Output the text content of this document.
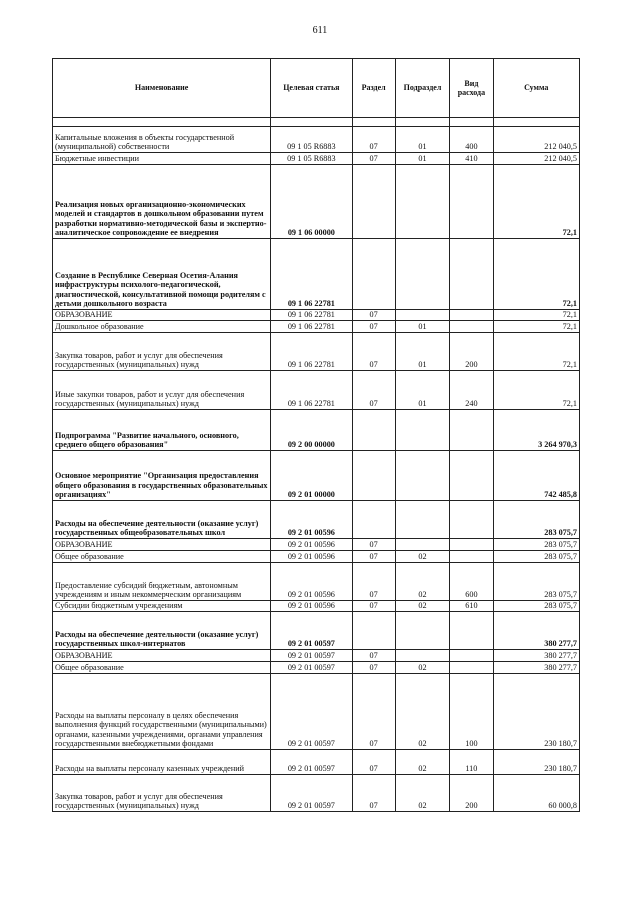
611
Наименование	Целевая статья	Раздел	Подраздел	Вид расхода	Сумма

Капитальные вложения в объекты государственной (муниципальной) собственности	09 1 05 R6883	07	01	400	212 040,5
Бюджетные инвестиции	09 1 05 R6883	07	01	410	212 040,5
Реализация новых организационно-экономических моделей и стандартов в дошкольном образовании путем разработки нормативно-методической базы и экспертно-аналитическое сопровождение ее внедрения	09 1 06 00000				72,1
Создание в Республике Северная Осетия-Алания инфраструктуры психолого-педагогической, диагностической, консультативной помощи родителям с детьми дошкольного возраста	09 1 06 22781				72,1
ОБРАЗОВАНИЕ	09 1 06 22781	07			72,1
Дошкольное образование	09 1 06 22781	07	01		72,1
Закупка товаров, работ и услуг для обеспечения государственных (муниципальных) нужд	09 1 06 22781	07	01	200	72,1
Иные закупки товаров, работ и услуг для обеспечения государственных (муниципальных) нужд	09 1 06 22781	07	01	240	72,1
Подпрограмма "Развитие начального, основного, среднего общего образования"	09 2 00 00000				3 264 970,3
Основное мероприятие "Организация предоставления общего образования в государственных образовательных организациях"	09 2 01 00000				742 485,8
Расходы на обеспечение деятельности (оказание услуг) государственных общеобразовательных школ	09 2 01 00596				283 075,7
ОБРАЗОВАНИЕ	09 2 01 00596	07			283 075,7
Общее образование	09 2 01 00596	07	02		283 075,7
Предоставление субсидий бюджетным, автономным учреждениям и иным некоммерческим организациям	09 2 01 00596	07	02	600	283 075,7
Субсидии бюджетным учреждениям	09 2 01 00596	07	02	610	283 075,7
Расходы на обеспечение деятельности (оказание услуг) государственных школ-интернатов	09 2 01 00597				380 277,7
ОБРАЗОВАНИЕ	09 2 01 00597	07			380 277,7
Общее образование	09 2 01 00597	07	02		380 277,7
Расходы на выплаты персоналу в целях обеспечения выполнения функций государственными (муниципальными) органами, казенными учреждениями, органами управления государственными внебюджетными фондами	09 2 01 00597	07	02	100	230 180,7
Расходы на выплаты персоналу казенных учреждений	09 2 01 00597	07	02	110	230 180,7
Закупка товаров, работ и услуг для обеспечения государственных (муниципальных) нужд	09 2 01 00597	07	02	200	60 000,8
